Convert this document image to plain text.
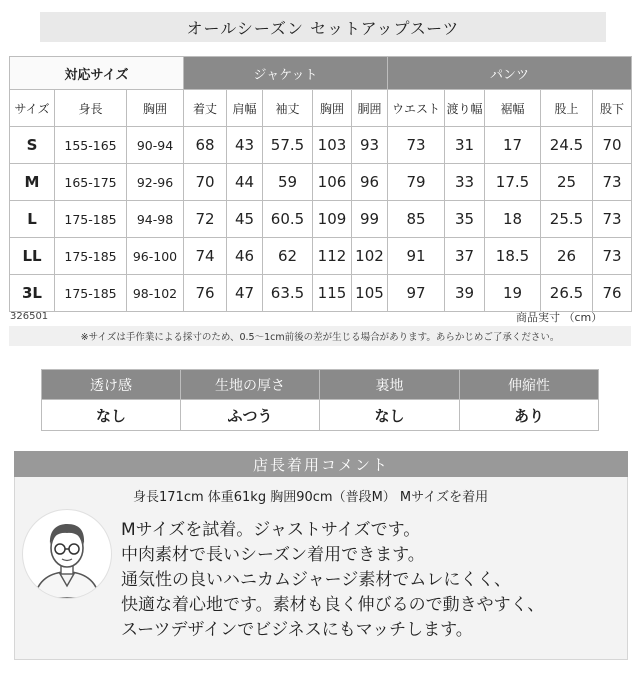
オールシーズン セットアップスーツ
対応サイズ			ジャケット					パンツ				
サイズ	身長	胸囲	着丈	肩幅	袖丈	胸囲	胴囲	ウエスト	渡り幅	裾幅	股上	股下
S	155-165	90-94	68	43	57.5	103	93	73	31	17	24.5	70
M	165-175	92-96	70	44	59	106	96	79	33	17.5	25	73
L	175-185	94-98	72	45	60.5	109	99	85	35	18	25.5	73
LL	175-185	96-100	74	46	62	112	102	91	37	18.5	26	73
3L	175-185	98-102	76	47	63.5	115	105	97	39	19	26.5	76
326501	商品実寸 （cm）
※サイズは手作業による採寸のため、0.5～1cm前後の差が生じる場合があります。あらかじめご了承ください。
透け感	生地の厚さ	裏地	伸縮性
なし	ふつう	なし	あり
店長着用コメント
身長171cm 体重61kg 胸囲90cm（普段M） Mサイズを着用
Mサイズを試着。ジャストサイズです。
中肉素材で長いシーズン着用できます。
通気性の良いハニカムジャージ素材でムレにくく、
快適な着心地です。素材も良く伸びるので動きやすく、
スーツデザインでビジネスにもマッチします。
